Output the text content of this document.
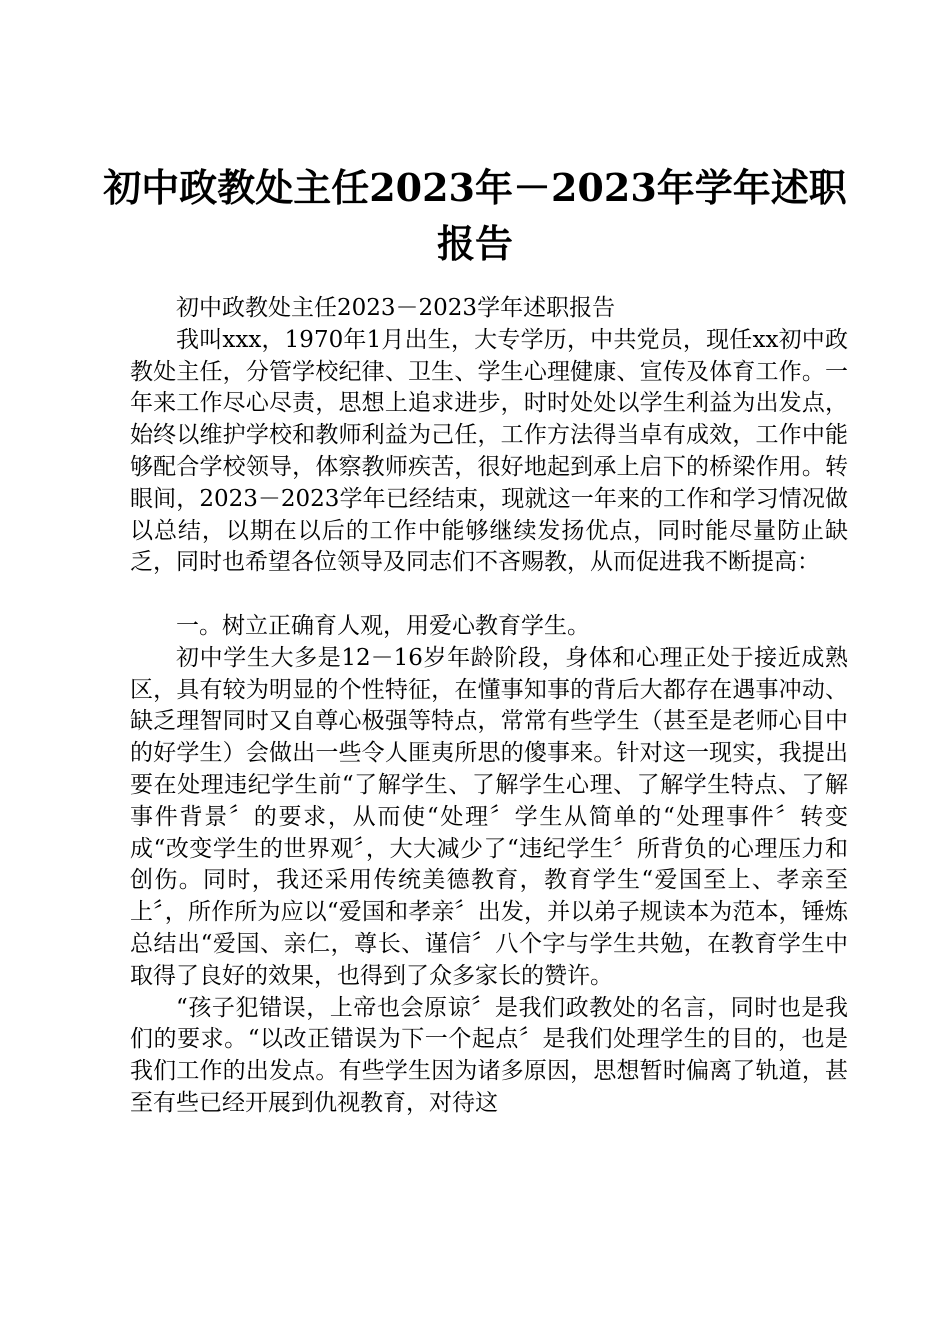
初中政教处主任2023年－2023年学年述职报告

初中政教处主任2023－2023学年述职报告

我叫xxx，1970年1月出生，大专学历，中共党员，现任xx初中政教处主任，分管学校纪律、卫生、学生心理健康、宣传及体育工作。一年来工作尽心尽责，思想上追求进步，时时处处以学生利益为出发点，始终以维护学校和教师利益为己任，工作方法得当卓有成效，工作中能够配合学校领导，体察教师疾苦，很好地起到承上启下的桥梁作用。转眼间，2023－2023学年已经结束，现就这一年来的工作和学习情况做以总结，以期在以后的工作中能够继续发扬优点，同时能尽量防止缺乏，同时也希望各位领导及同志们不吝赐教，从而促进我不断提高：

一。树立正确育人观，用爱心教育学生。

初中学生大多是12－16岁年龄阶段，身体和心理正处于接近成熟区，具有较为明显的个性特征，在懂事知事的背后大都存在遇事冲动、缺乏理智同时又自尊心极强等特点，常常有些学生（甚至是老师心目中的好学生）会做出一些令人匪夷所思的傻事来。针对这一现实，我提出要在处理违纪学生前“了解学生、了解学生心理、了解学生特点、了解事件背景〞的要求，从而使“处理〞学生从简单的“处理事件〞转变成“改变学生的世界观〞，大大减少了“违纪学生〞所背负的心理压力和创伤。同时，我还采用传统美德教育，教育学生“爱国至上、孝亲至上〞，所作所为应以“爱国和孝亲〞出发，并以弟子规读本为范本，锤炼总结出“爱国、亲仁，尊长、谨信〞八个字与学生共勉，在教育学生中取得了良好的效果，也得到了众多家长的赞许。

“孩子犯错误，上帝也会原谅〞是我们政教处的名言，同时也是我们的要求。“以改正错误为下一个起点〞是我们处理学生的目的，也是我们工作的出发点。有些学生因为诸多原因，思想暂时偏离了轨道，甚至有些已经开展到仇视教育，对待这
